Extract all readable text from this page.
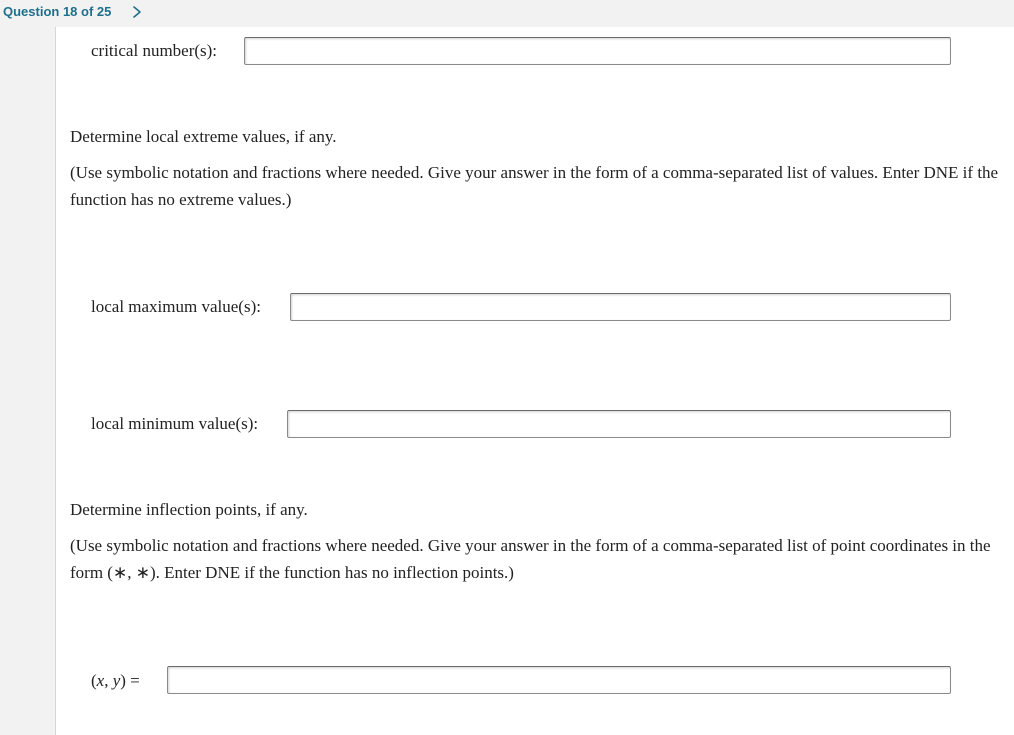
Question 18 of 25
critical number(s):
Determine local extreme values, if any.
(Use symbolic notation and fractions where needed. Give your answer in the form of a comma-separated list of values. Enter DNE if the function has no extreme values.)
local maximum value(s):
local minimum value(s):
Determine inflection points, if any.
(Use symbolic notation and fractions where needed. Give your answer in the form of a comma-separated list of point coordinates in the form (∗, ∗). Enter DNE if the function has no inflection points.)
(x, y) =
